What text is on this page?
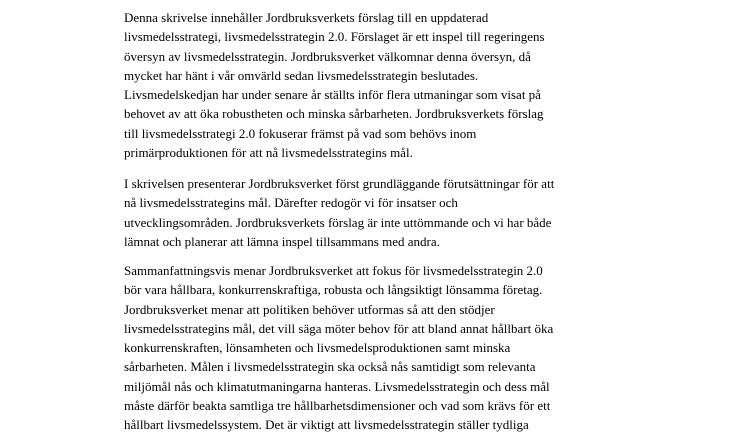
Denna skrivelse innehåller Jordbruksverkets förslag till en uppdaterad
livsmedelsstrategi, livsmedelsstrategin 2.0. Förslaget är ett inspel till regeringens
översyn av livsmedelsstrategin. Jordbruksverket välkomnar denna översyn, då
mycket har hänt i vår omvärld sedan livsmedelsstrategin beslutades.
Livsmedelskedjan har under senare år ställts inför flera utmaningar som visat på
behovet av att öka robustheten och minska sårbarheten. Jordbruksverkets förslag
till livsmedelsstrategi 2.0 fokuserar främst på vad som behövs inom
primärproduktionen för att nå livsmedelsstrategins mål.

I skrivelsen presenterar Jordbruksverket först grundläggande förutsättningar för att
nå livsmedelsstrategins mål. Därefter redogör vi för insatser och
utvecklingsområden. Jordbruksverkets förslag är inte uttömmande och vi har både
lämnat och planerar att lämna inspel tillsammans med andra.

Sammanfattningsvis menar Jordbruksverket att fokus för livsmedelsstrategin 2.0
bör vara hållbara, konkurrenskraftiga, robusta och långsiktigt lönsamma företag.
Jordbruksverket menar att politiken behöver utformas så att den stödjer
livsmedelsstrategins mål, det vill säga möter behov för att bland annat hållbart öka
konkurrenskraften, lönsamheten och livsmedelsproduktionen samt minska
sårbarheten. Målen i livsmedelsstrategin ska också nås samtidigt som relevanta
miljömål nås och klimatutmaningarna hanteras. Livsmedelsstrategin och dess mål
måste därför beakta samtliga tre hållbarhetsdimensioner och vad som krävs för ett
hållbart livsmedelssystem. Det är viktigt att livsmedelsstrategin ställer tydliga
